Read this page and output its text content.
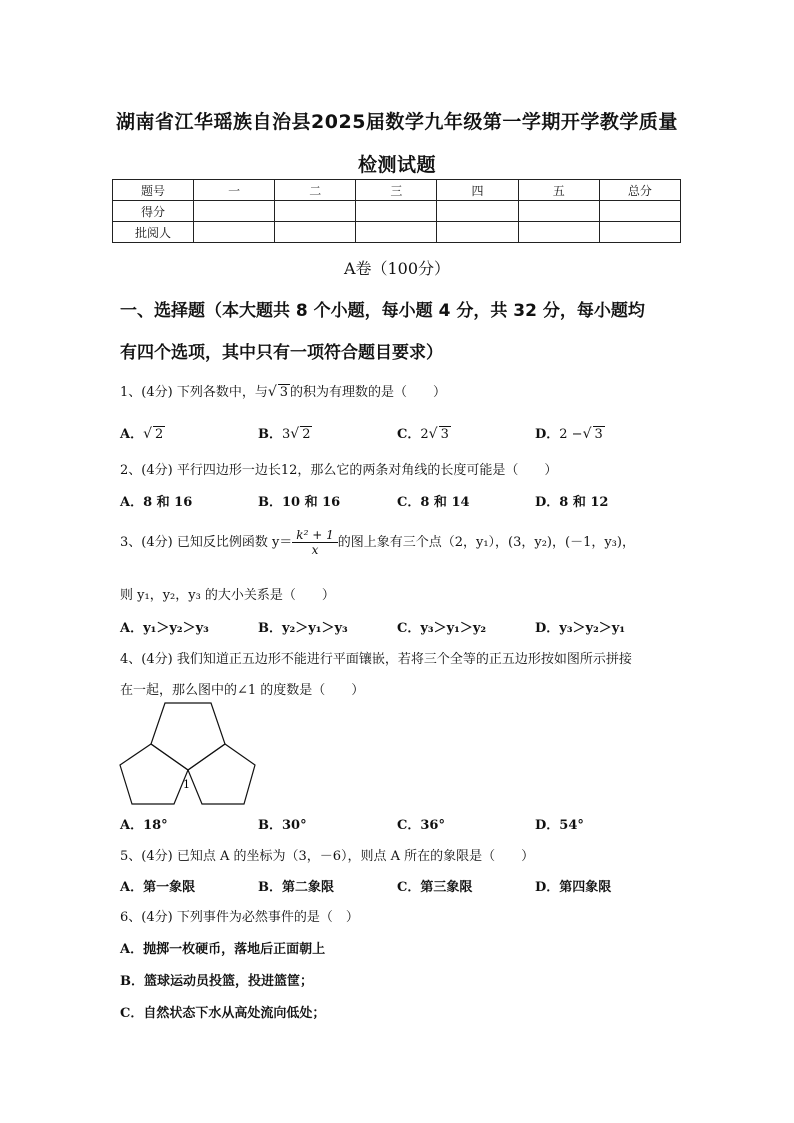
湖南省江华瑶族自治县2025届数学九年级第一学期开学教学质量
检测试题
题号	一	二	三	四	五	总分
得分						
批阅人						
A卷（100分）
一、选择题（本大题共 8 个小题，每小题 4 分，共 32 分，每小题均
有四个选项，其中只有一项符合题目要求）
1、(4分) 下列各数中，与√ 3 的积为有理数的是（　　）
A．√ 2	B．3√ 2	C．2√ 3	D．2 −√ 3
2、(4分) 平行四边形一边长12，那么它的两条对角线的长度可能是（　　）
A．8 和 16	B．10 和 16	C．8 和 14	D．8 和 12
3、(4分) 已知反比例函数 $y= \frac{\text{k² + 1}}{x}$ 的图上象有三个点（2，y₁），(3，y₂)，(－1，y₃)，
则 y₁，y₂，y₃ 的大小关系是（　　）
A．y₁＞y₂＞y₃	B．y₂＞y₁＞y₃	C．y₃＞y₁＞y₂	D．y₃＞y₂＞y₁
4、(4分) 我们知道正五边形不能进行平面镶嵌，若将三个全等的正五边形按如图所示拼接
在一起，那么图中的∠1 的度数是（　　）
1
A．18°	B．30°	C．36°	D．54°
5、(4分) 已知点 A 的坐标为（3，－6），则点 A 所在的象限是（　　）
A．第一象限	B．第二象限	C．第三象限	D．第四象限
6、(4分) 下列事件为必然事件的是（　）
A．抛掷一枚硬币，落地后正面朝上
B．篮球运动员投篮，投进篮筐；
C．自然状态下水从高处流向低处；
